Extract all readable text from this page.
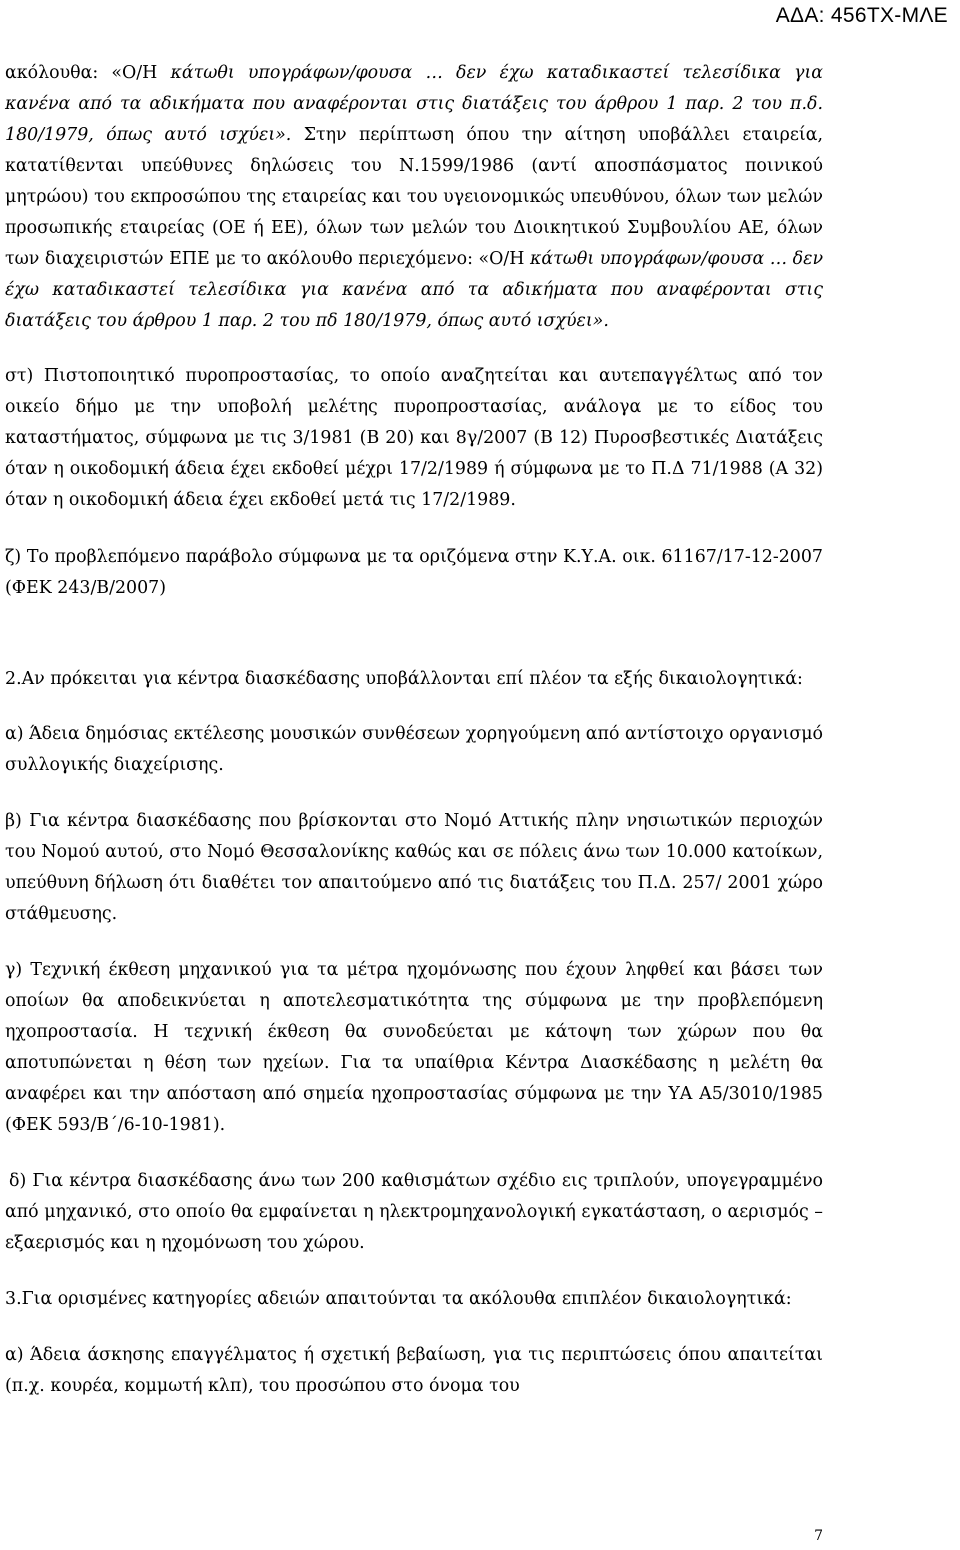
ΑΔΑ: 456ΤΧ-ΜΛΕ

ακόλουθα: «Ο/Η κάτωθι υπογράφων/φουσα … δεν έχω καταδικαστεί τελεσίδικα για κανένα από τα αδικήματα που αναφέρονται στις διατάξεις του άρθρου 1 παρ. 2 του π.δ. 180/1979, όπως αυτό ισχύει». Στην περίπτωση όπου την αίτηση υποβάλλει εταιρεία, κατατίθενται υπεύθυνες δηλώσεις του Ν.1599/1986 (αντί αποσπάσματος ποινικού μητρώου) του εκπροσώπου της εταιρείας και του υγειονομικώς υπευθύνου, όλων των μελών προσωπικής εταιρείας (ΟΕ ή ΕΕ), όλων των μελών του Διοικητικού Συμβουλίου ΑΕ, όλων των διαχειριστών ΕΠΕ με το ακόλουθο περιεχόμενο: «Ο/Η κάτωθι υπογράφων/φουσα … δεν έχω καταδικαστεί τελεσίδικα για κανένα από τα αδικήματα που αναφέρονται στις διατάξεις του άρθρου 1 παρ. 2 του πδ 180/1979, όπως αυτό ισχύει».

στ) Πιστοποιητικό πυροπροστασίας, το οποίο αναζητείται και αυτεπαγγέλτως από τον οικείο δήμο με την υποβολή μελέτης πυροπροστασίας, ανάλογα με το είδος του καταστήματος, σύμφωνα με τις 3/1981 (Β 20) και 8γ/2007 (Β 12) Πυροσβεστικές Διατάξεις όταν η οικοδομική άδεια έχει εκδοθεί μέχρι 17/2/1989 ή σύμφωνα με το Π.Δ 71/1988 (Α 32) όταν η οικοδομική άδεια έχει εκδοθεί μετά τις 17/2/1989.

ζ) Το προβλεπόμενο παράβολο σύμφωνα με τα οριζόμενα στην Κ.Υ.Α. οικ. 61167/17-12-2007 (ΦΕΚ 243/Β/2007)

2.Αν πρόκειται για κέντρα διασκέδασης υποβάλλονται επί πλέον τα εξής δικαιολογητικά:

α) Άδεια δημόσιας εκτέλεσης μουσικών συνθέσεων χορηγούμενη από αντίστοιχο οργανισμό συλλογικής διαχείρισης.

β) Για κέντρα διασκέδασης που βρίσκονται στο Νομό Αττικής πλην νησιωτικών περιοχών του Νομού αυτού, στο Νομό Θεσσαλονίκης καθώς και σε πόλεις άνω των 10.000 κατοίκων, υπεύθυνη δήλωση ότι διαθέτει τον απαιτούμενο από τις διατάξεις του Π.Δ. 257/ 2001 χώρο στάθμευσης.

γ) Τεχνική έκθεση μηχανικού για τα μέτρα ηχομόνωσης που έχουν ληφθεί και βάσει των οποίων θα αποδεικνύεται η αποτελεσματικότητα της σύμφωνα με την προβλεπόμενη ηχοπροστασία. Η τεχνική έκθεση θα συνοδεύεται με κάτοψη των χώρων που θα αποτυπώνεται η θέση των ηχείων. Για τα υπαίθρια Κέντρα Διασκέδασης η μελέτη θα αναφέρει και την απόσταση από σημεία ηχοπροστασίας σύμφωνα με την ΥΑ Α5/3010/1985 (ΦΕΚ 593/Β΄/6-10-1981).

δ) Για κέντρα διασκέδασης άνω των 200 καθισμάτων σχέδιο εις τριπλούν, υπογεγραμμένο από μηχανικό, στο οποίο θα εμφαίνεται η ηλεκτρομηχανολογική εγκατάσταση, ο αερισμός – εξαερισμός και η ηχομόνωση του χώρου.

3.Για ορισμένες κατηγορίες αδειών απαιτούνται τα ακόλουθα επιπλέον δικαιολογητικά:

α) Άδεια άσκησης επαγγέλματος ή σχετική βεβαίωση, για τις περιπτώσεις όπου απαιτείται (π.χ. κουρέα, κομμωτή κλπ), του προσώπου στο όνομα του

7
